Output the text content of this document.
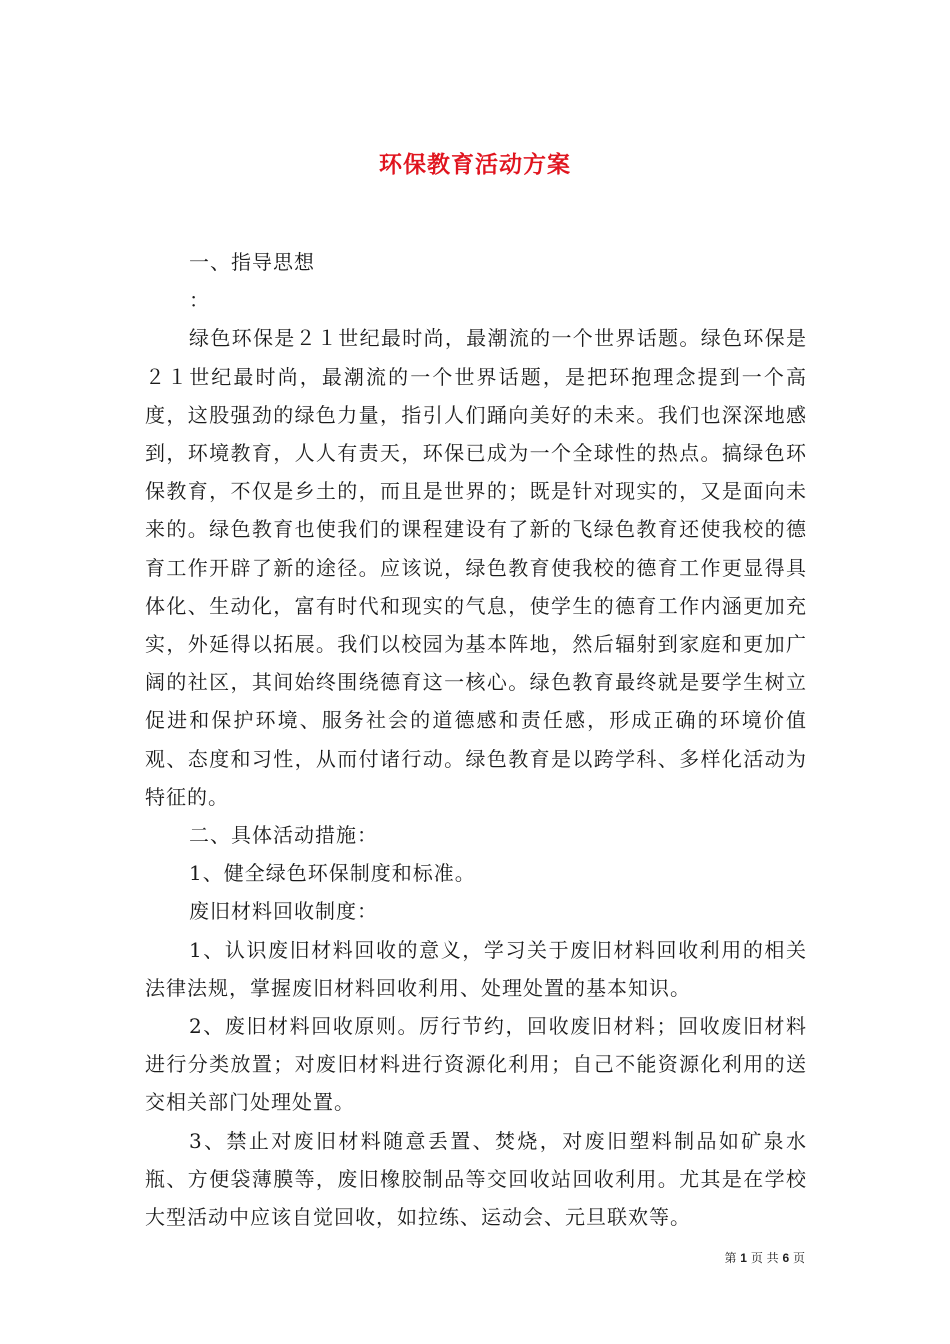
环保教育活动方案

一、指导思想

：

绿色环保是２１世纪最时尚，最潮流的一个世界话题。绿色环保是２１世纪最时尚，最潮流的一个世界话题，是把环抱理念提到一个高度，这股强劲的绿色力量，指引人们踊向美好的未来。我们也深深地感到，环境教育，人人有责天，环保已成为一个全球性的热点。搞绿色环保教育，不仅是乡土的，而且是世界的；既是针对现实的，又是面向未来的。绿色教育也使我们的课程建设有了新的飞绿色教育还使我校的德育工作开辟了新的途径。应该说，绿色教育使我校的德育工作更显得具体化、生动化，富有时代和现实的气息，使学生的德育工作内涵更加充实，外延得以拓展。我们以校园为基本阵地，然后辐射到家庭和更加广阔的社区，其间始终围绕德育这一核心。绿色教育最终就是要学生树立促进和保护环境、服务社会的道德感和责任感，形成正确的环境价值观、态度和习性，从而付诸行动。绿色教育是以跨学科、多样化活动为特征的。

二、具体活动措施：

1、健全绿色环保制度和标准。

废旧材料回收制度：

1、认识废旧材料回收的意义，学习关于废旧材料回收利用的相关法律法规，掌握废旧材料回收利用、处理处置的基本知识。

2、废旧材料回收原则。厉行节约，回收废旧材料；回收废旧材料进行分类放置；对废旧材料进行资源化利用；自己不能资源化利用的送交相关部门处理处置。

3、禁止对废旧材料随意丢置、焚烧，对废旧塑料制品如矿泉水瓶、方便袋薄膜等，废旧橡胶制品等交回收站回收利用。尤其是在学校大型活动中应该自觉回收，如拉练、运动会、元旦联欢等。

第 1 页 共 6 页
